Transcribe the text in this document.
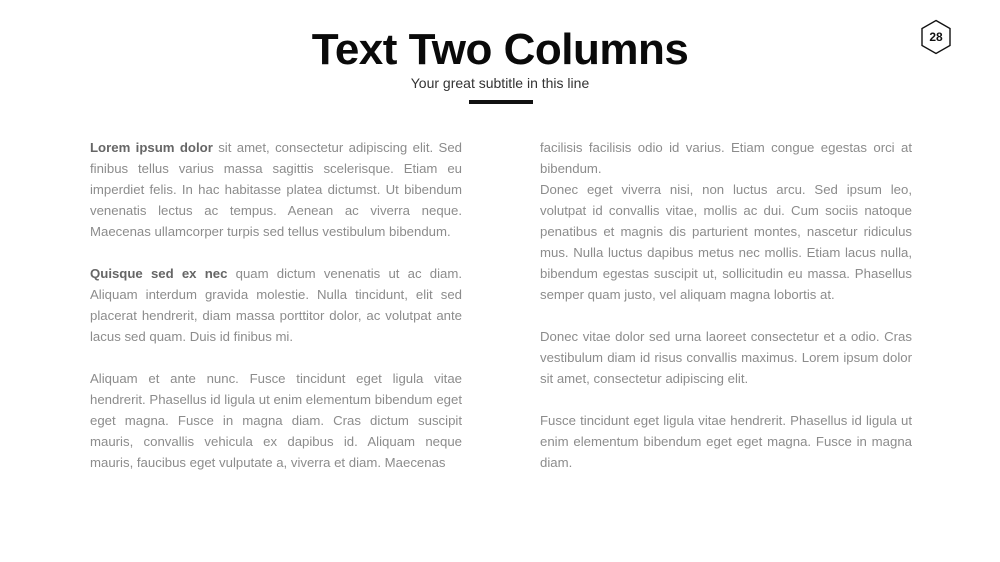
Text Two Columns
Your great subtitle in this line
28

Lorem ipsum dolor sit amet, consectetur adipiscing elit. Sed finibus tellus varius massa sagittis scelerisque. Etiam eu imperdiet felis. In hac habitasse platea dictumst. Ut bibendum venenatis lectus ac tempus. Aenean ac viverra neque. Maecenas ullamcorper turpis sed tellus vestibulum bibendum.

Quisque sed ex nec quam dictum venenatis ut ac diam. Aliquam interdum gravida molestie. Nulla tincidunt, elit sed placerat hendrerit, diam massa porttitor dolor, ac volutpat ante lacus sed quam. Duis id finibus mi.

Aliquam et ante nunc. Fusce tincidunt eget ligula vitae hendrerit. Phasellus id ligula ut enim elementum bibendum eget eget magna. Fusce in magna diam. Cras dictum suscipit mauris, convallis vehicula ex dapibus id. Aliquam neque mauris, faucibus eget vulputate a, viverra et diam. Maecenas

facilisis facilisis odio id varius. Etiam congue egestas orci at bibendum.

Donec eget viverra nisi, non luctus arcu. Sed ipsum leo, volutpat id convallis vitae, mollis ac dui. Cum sociis natoque penatibus et magnis dis parturient montes, nascetur ridiculus mus. Nulla luctus dapibus metus nec mollis. Etiam lacus nulla, bibendum egestas suscipit ut, sollicitudin eu massa. Phasellus semper quam justo, vel aliquam magna lobortis at.

Donec vitae dolor sed urna laoreet consectetur et a odio. Cras vestibulum diam id risus convallis maximus. Lorem ipsum dolor sit amet, consectetur adipiscing elit.

Fusce tincidunt eget ligula vitae hendrerit. Phasellus id ligula ut enim elementum bibendum eget eget magna. Fusce in magna diam.
